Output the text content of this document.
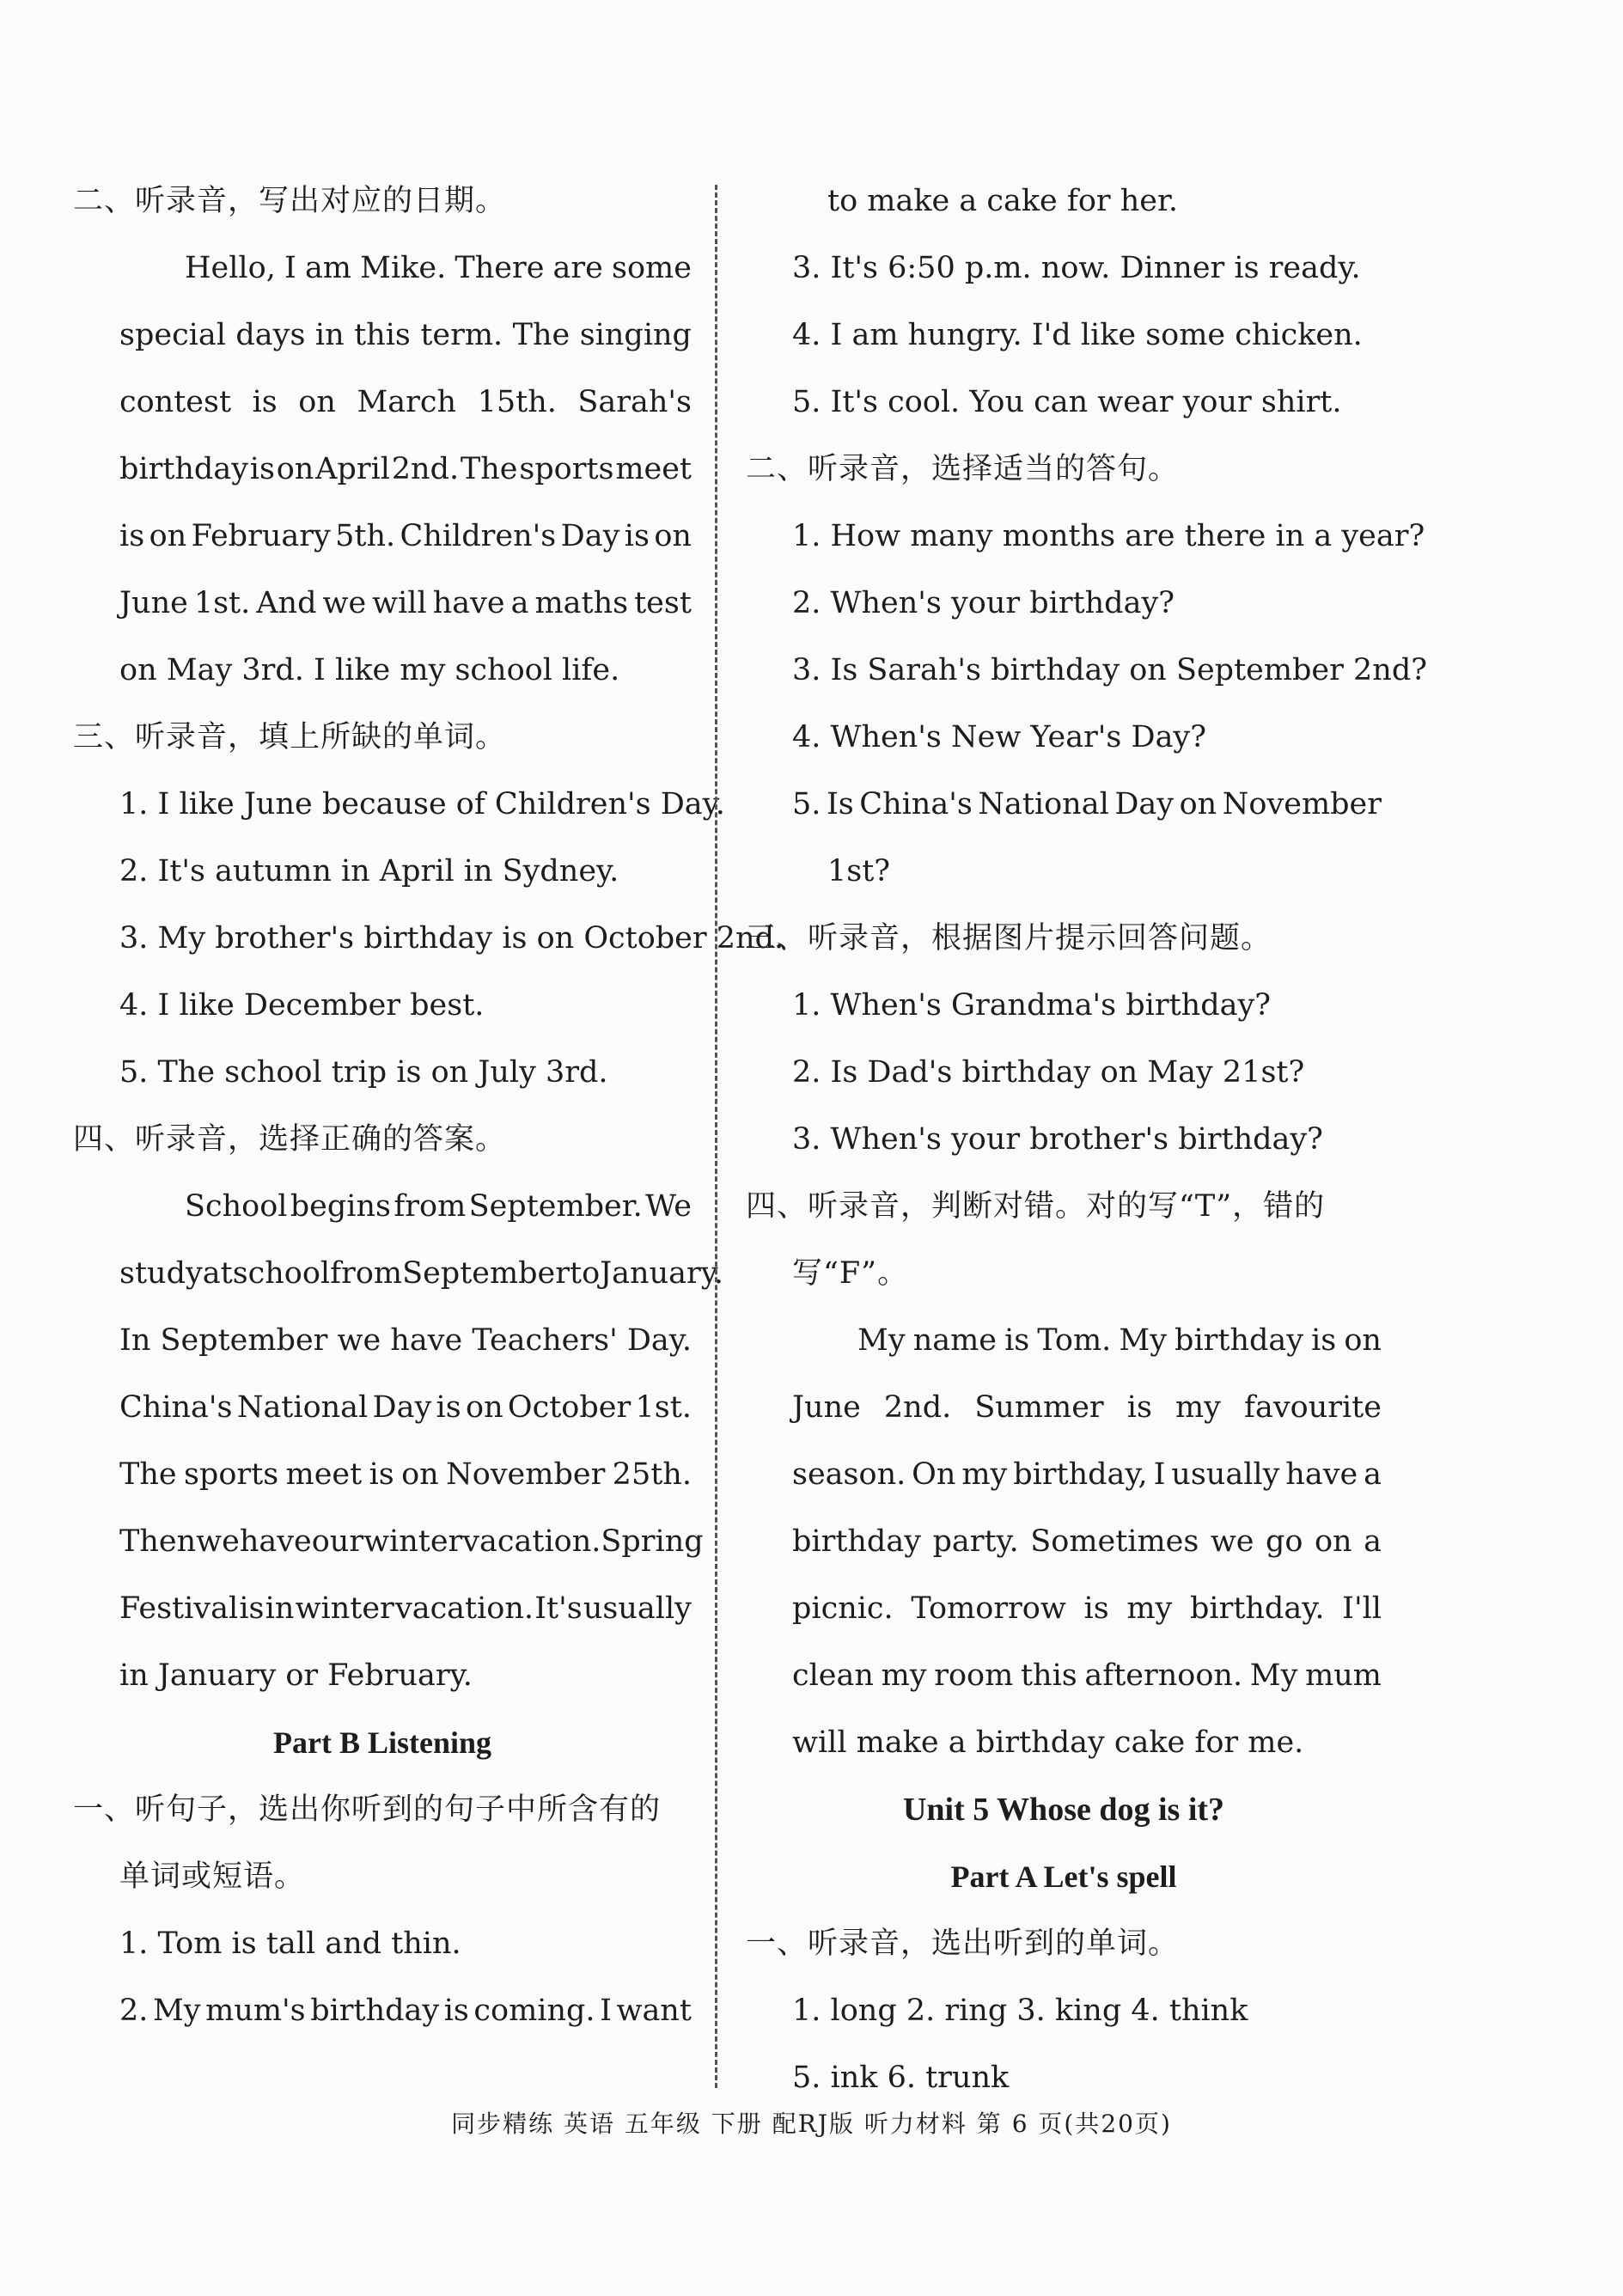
二、听录音，写出对应的日期。
Hello, I am Mike. There are some
special days in this term. The singing
contest is on March 15th. Sarah's
birthday is on April 2nd. The sports meet
is on February 5th. Children's Day is on
June 1st. And we will have a maths test
on May 3rd. I like my school life.
三、听录音，填上所缺的单词。
1. I like June because of Children's Day.
2. It's autumn in April in Sydney.
3. My brother's birthday is on October 2nd.
4. I like December best.
5. The school trip is on July 3rd.
四、听录音，选择正确的答案。
School begins from September. We
study at school from September to January.
In September we have Teachers' Day.
China's National Day is on October 1st.
The sports meet is on November 25th.
Then we have our winter vacation. Spring
Festival is in winter vacation. It's usually
in January or February.
Part B Listening
一、听句子，选出你听到的句子中所含有的
单词或短语。
1. Tom is tall and thin.
2. My mum's birthday is coming. I want
to make a cake for her.
3. It's 6:50 p.m. now. Dinner is ready.
4. I am hungry. I'd like some chicken.
5. It's cool. You can wear your shirt.
二、听录音，选择适当的答句。
1. How many months are there in a year?
2. When's your birthday?
3. Is Sarah's birthday on September 2nd?
4. When's New Year's Day?
5. Is China's National Day on November
1st?
三、听录音，根据图片提示回答问题。
1. When's Grandma's birthday?
2. Is Dad's birthday on May 21st?
3. When's your brother's birthday?
四、听录音，判断对错。对的写“T”，错的
写“F”。
My name is Tom. My birthday is on
June 2nd. Summer is my favourite
season. On my birthday, I usually have a
birthday party. Sometimes we go on a
picnic. Tomorrow is my birthday. I'll
clean my room this afternoon. My mum
will make a birthday cake for me.
Unit 5 Whose dog is it?
Part A Let's spell
一、听录音，选出听到的单词。
1. long 2. ring 3. king 4. think
5. ink 6. trunk
同步精练 英语 五年级 下册 配RJ版 听力材料 第 6 页(共20页)
